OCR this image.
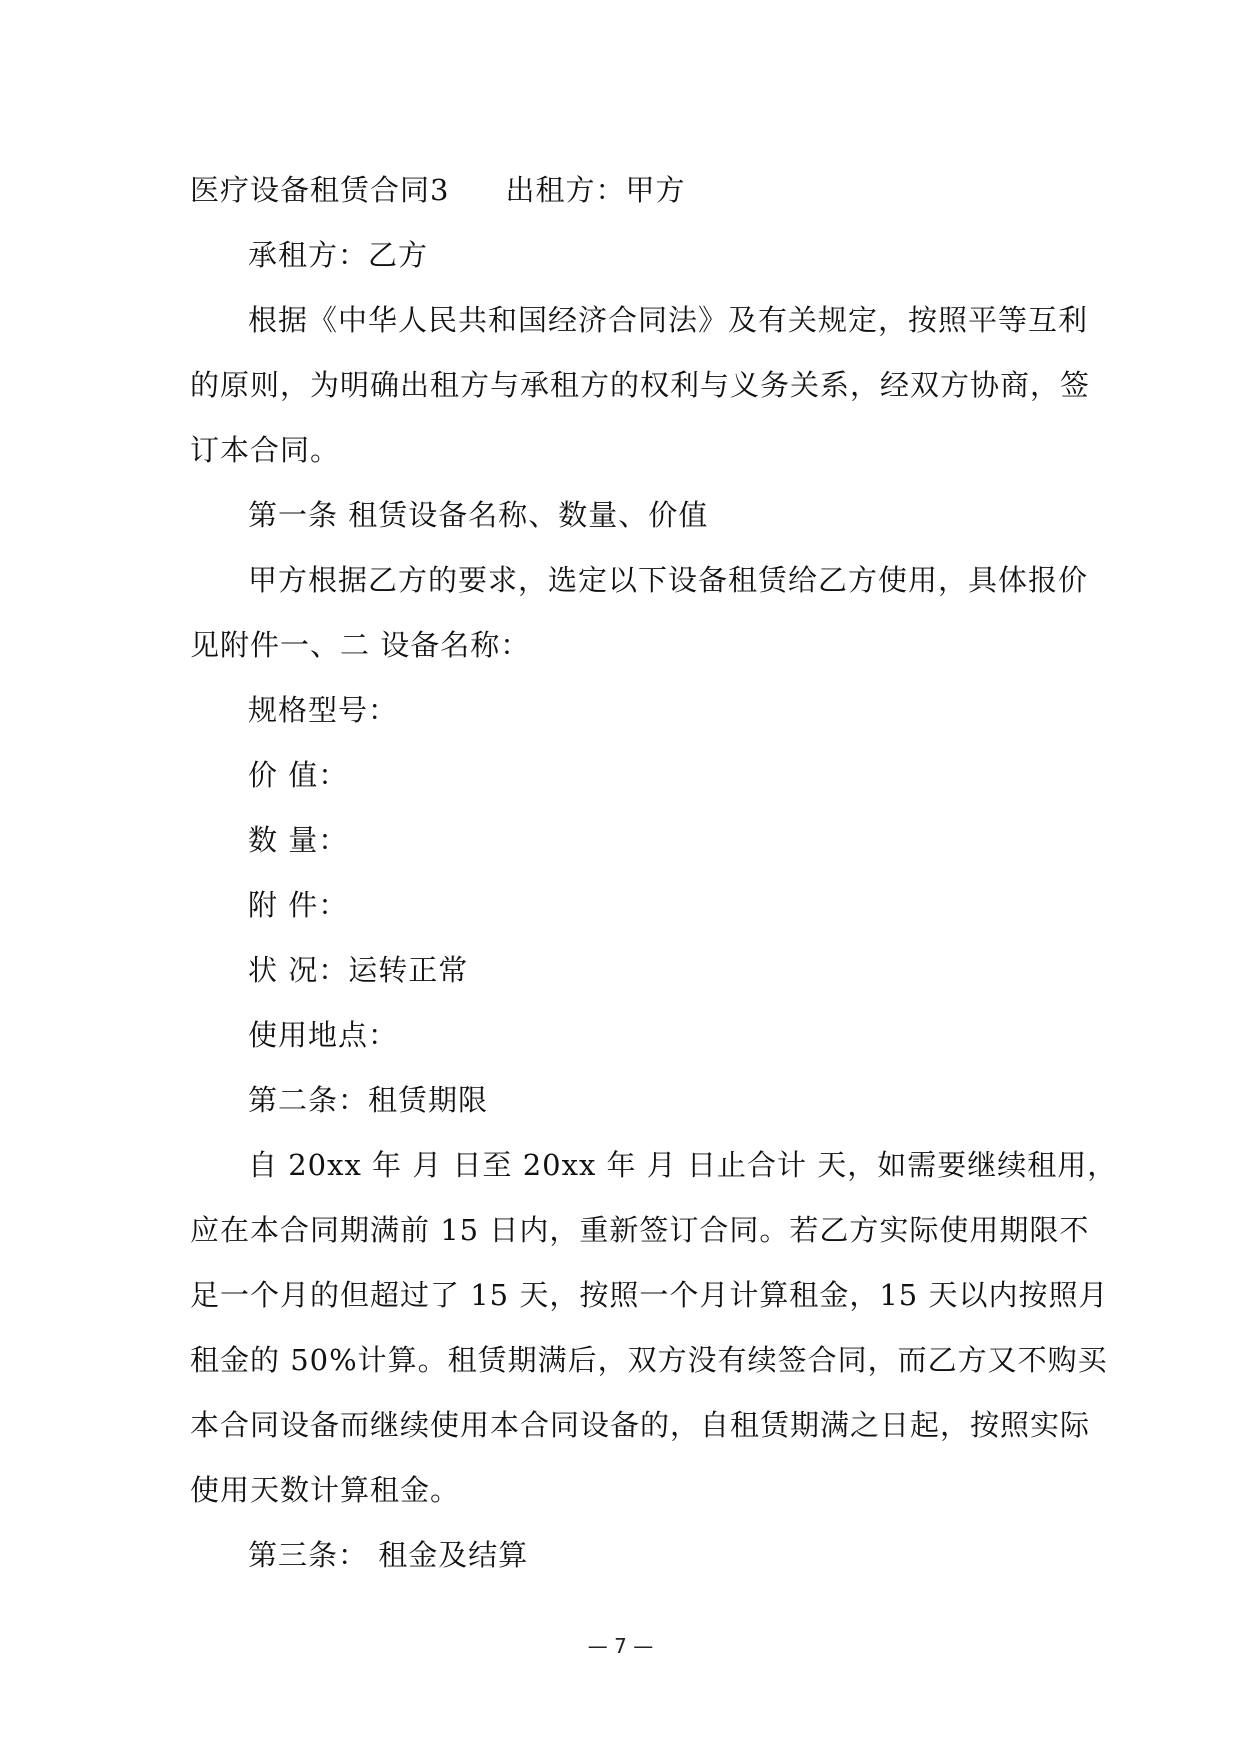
医疗设备租赁合同3 出租方：甲方
承租方：乙方
根据《中华人民共和国经济合同法》及有关规定，按照平等互利
的原则，为明确出租方与承租方的权利与义务关系，经双方协商，签
订本合同。
第一条 租赁设备名称、数量、价值
甲方根据乙方的要求，选定以下设备租赁给乙方使用，具体报价
见附件一、二 设备名称：
规格型号：
价 值：
数 量：
附 件：
状 况：运转正常
使用地点：
第二条：租赁期限
自 20xx 年 月 日至 20xx 年 月 日止合计 天，如需要继续租用，
应在本合同期满前 15 日内，重新签订合同。若乙方实际使用期限不
足一个月的但超过了 15 天，按照一个月计算租金，15 天以内按照月
租金的 50%计算。租赁期满后，双方没有续签合同，而乙方又不购买
本合同设备而继续使用本合同设备的，自租赁期满之日起，按照实际
使用天数计算租金。
第三条： 租金及结算
— 7 —
